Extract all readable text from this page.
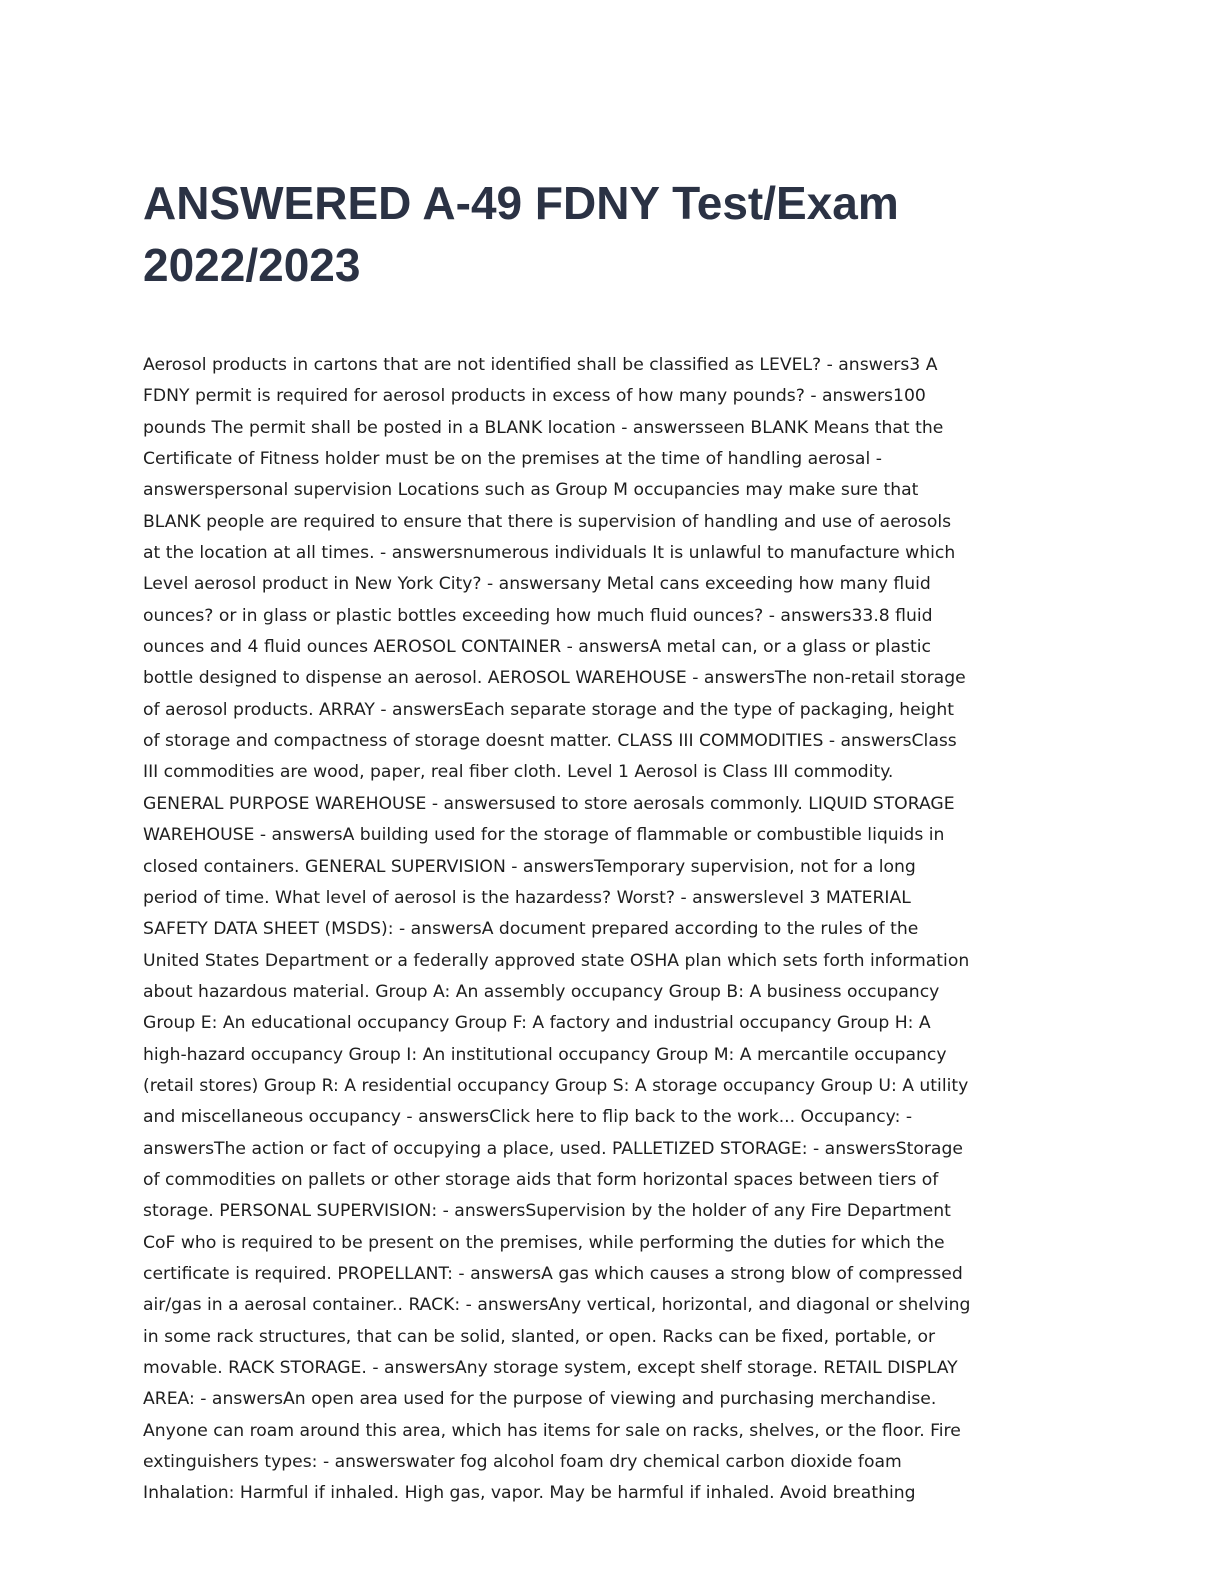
ANSWERED A-49 FDNY Test/Exam
2022/2023
Aerosol products in cartons that are not identified shall be classified as LEVEL? - answers3 A
FDNY permit is required for aerosol products in excess of how many pounds? - answers100
pounds The permit shall be posted in a BLANK location - answersseen BLANK Means that the
Certificate of Fitness holder must be on the premises at the time of handling aerosal -
answerspersonal supervision Locations such as Group M occupancies may make sure that
BLANK people are required to ensure that there is supervision of handling and use of aerosols
at the location at all times. - answersnumerous individuals It is unlawful to manufacture which
Level aerosol product in New York City? - answersany Metal cans exceeding how many fluid
ounces? or in glass or plastic bottles exceeding how much fluid ounces? - answers33.8 fluid
ounces and 4 fluid ounces AEROSOL CONTAINER - answersA metal can, or a glass or plastic
bottle designed to dispense an aerosol. AEROSOL WAREHOUSE - answersThe non-retail storage
of aerosol products. ARRAY - answersEach separate storage and the type of packaging, height
of storage and compactness of storage doesnt matter. CLASS III COMMODITIES - answersClass
III commodities are wood, paper, real fiber cloth. Level 1 Aerosol is Class III commodity.
GENERAL PURPOSE WAREHOUSE - answersused to store aerosals commonly. LIQUID STORAGE
WAREHOUSE - answersA building used for the storage of flammable or combustible liquids in
closed containers. GENERAL SUPERVISION - answersTemporary supervision, not for a long
period of time. What level of aerosol is the hazardess? Worst? - answerslevel 3 MATERIAL
SAFETY DATA SHEET (MSDS): - answersA document prepared according to the rules of the
United States Department or a federally approved state OSHA plan which sets forth information
about hazardous material. Group A: An assembly occupancy Group B: A business occupancy
Group E: An educational occupancy Group F: A factory and industrial occupancy Group H: A
high-hazard occupancy Group I: An institutional occupancy Group M: A mercantile occupancy
(retail stores) Group R: A residential occupancy Group S: A storage occupancy Group U: A utility
and miscellaneous occupancy - answersClick here to flip back to the work... Occupancy: -
answersThe action or fact of occupying a place, used. PALLETIZED STORAGE: - answersStorage
of commodities on pallets or other storage aids that form horizontal spaces between tiers of
storage. PERSONAL SUPERVISION: - answersSupervision by the holder of any Fire Department
CoF who is required to be present on the premises, while performing the duties for which the
certificate is required. PROPELLANT: - answersA gas which causes a strong blow of compressed
air/gas in a aerosal container.. RACK: - answersAny vertical, horizontal, and diagonal or shelving
in some rack structures, that can be solid, slanted, or open. Racks can be fixed, portable, or
movable. RACK STORAGE. - answersAny storage system, except shelf storage. RETAIL DISPLAY
AREA: - answersAn open area used for the purpose of viewing and purchasing merchandise.
Anyone can roam around this area, which has items for sale on racks, shelves, or the floor. Fire
extinguishers types: - answerswater fog alcohol foam dry chemical carbon dioxide foam
Inhalation: Harmful if inhaled. High gas, vapor. May be harmful if inhaled. Avoid breathing
